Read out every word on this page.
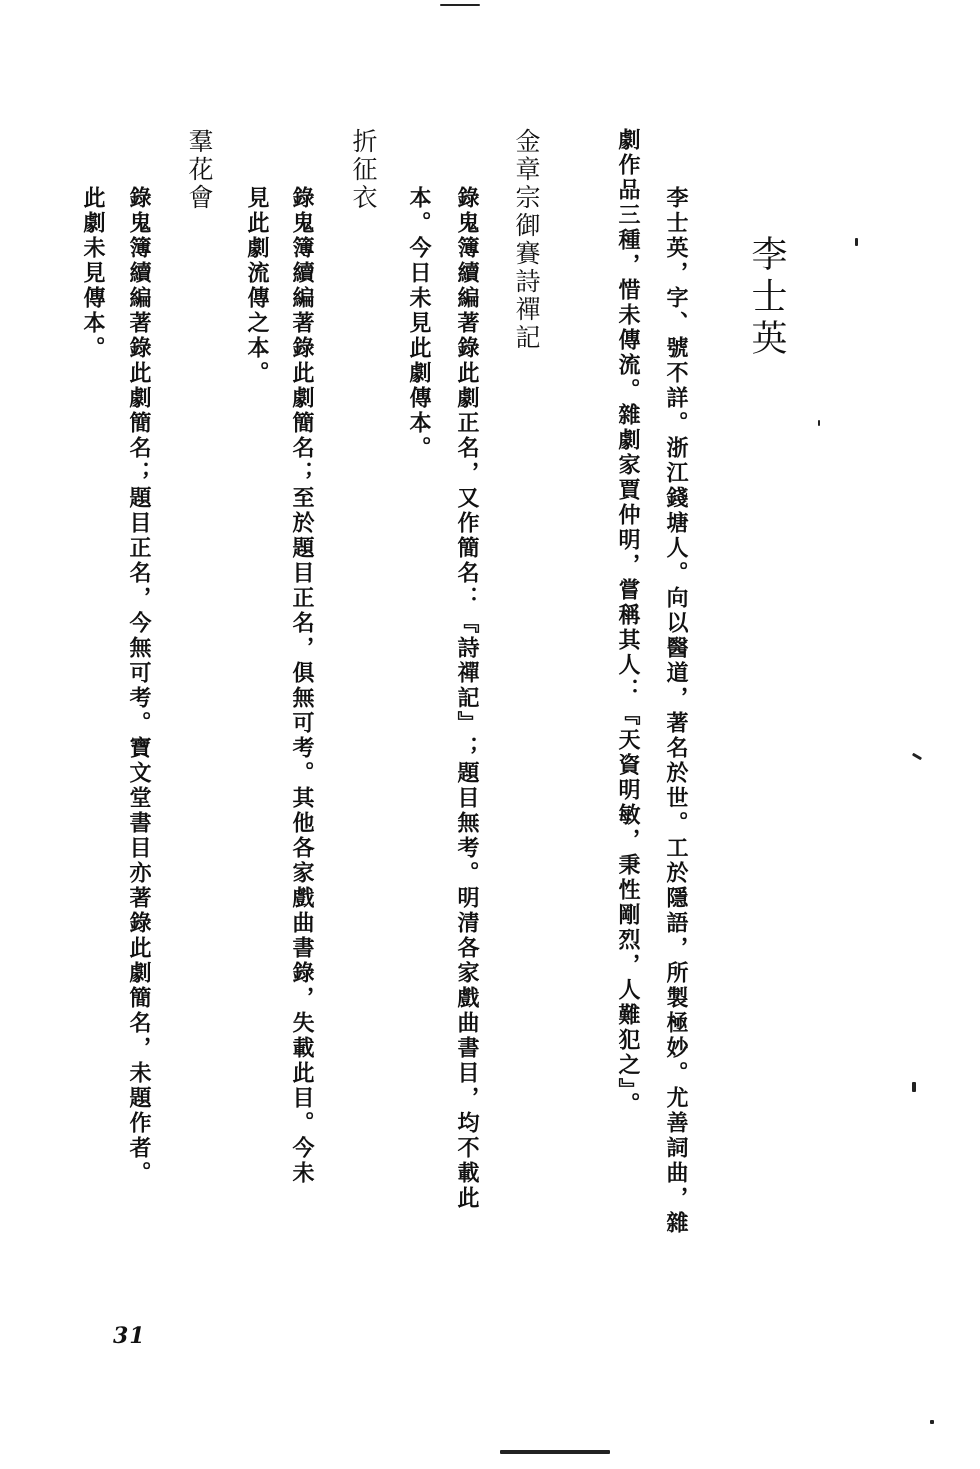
李士英
李士英，字、號不詳。浙江錢塘人。向以醫道，著名於世。工於隱語，所製極妙。尤善詞曲，雜
劇作品三種，惜未傳流。雜劇家賈仲明，嘗稱其人：『天資明敏，秉性剛烈，人難犯之』。
金章宗御賽詩禪記
錄鬼簿續編著錄此劇正名，又作簡名：『詩禪記』；題目無考。明清各家戲曲書目，均不載此
本。今日未見此劇傳本。
折征衣
錄鬼簿續編著錄此劇簡名；至於題目正名，俱無可考。其他各家戲曲書錄，失載此目。今未
見此劇流傳之本。
羣花會
錄鬼簿續編著錄此劇簡名；題目正名，今無可考。寶文堂書目亦著錄此劇簡名，未題作者。
此劇未見傳本。
31
